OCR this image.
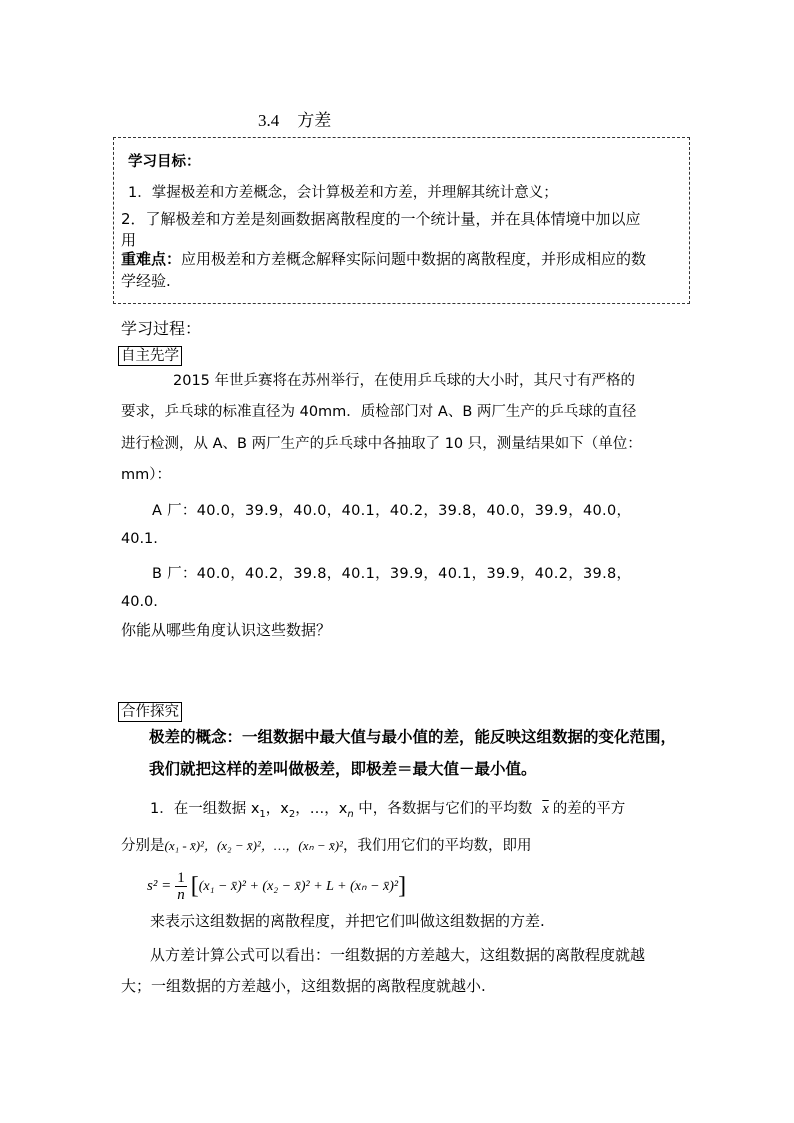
3.4 方差
学习目标：
1．掌握极差和方差概念，会计算极差和方差，并理解其统计意义；
2．了解极差和方差是刻画数据离散程度的一个统计量，并在具体情境中加以应
用
重难点：应用极差和方差概念解释实际问题中数据的离散程度，并形成相应的数
学经验.
学习过程：
自主先学
2015 年世乒赛将在苏州举行，在使用乒乓球的大小时，其尺寸有严格的
要求，乒乓球的标准直径为 40mm．质检部门对 A、B 两厂生产的乒乓球的直径
进行检测，从 A、B 两厂生产的乒乓球中各抽取了 10 只，测量结果如下（单位：
mm）：
A 厂：40.0，39.9，40.0，40.1，40.2，39.8，40.0，39.9，40.0，
40.1.
B 厂：40.0，40.2，39.8，40.1，39.9，40.1，39.9，40.2，39.8，
40.0.
你能从哪些角度认识这些数据？
合作探究
极差的概念：一组数据中最大值与最小值的差，能反映这组数据的变化范围，
我们就把这样的差叫做极差，即极差＝最大值－最小值。
1．在一组数据 $x_1$，$x_2$，…，$x_n$ 中，各数据与它们的平均数 $\overline{x}$ 的差的平方
分别是(x₁ - x̄)²，(x₂ − x̄)²，…，(xₙ − x̄)²，我们用它们的平均数，即用
$s^2 = \frac{1}{n}$ [ (x₁ − x̄)² + (x₂ − x̄)² + L + (xₙ − x̄)² ]
来表示这组数据的离散程度，并把它们叫做这组数据的方差.
从方差计算公式可以看出：一组数据的方差越大，这组数据的离散程度就越
大；一组数据的方差越小，这组数据的离散程度就越小.
